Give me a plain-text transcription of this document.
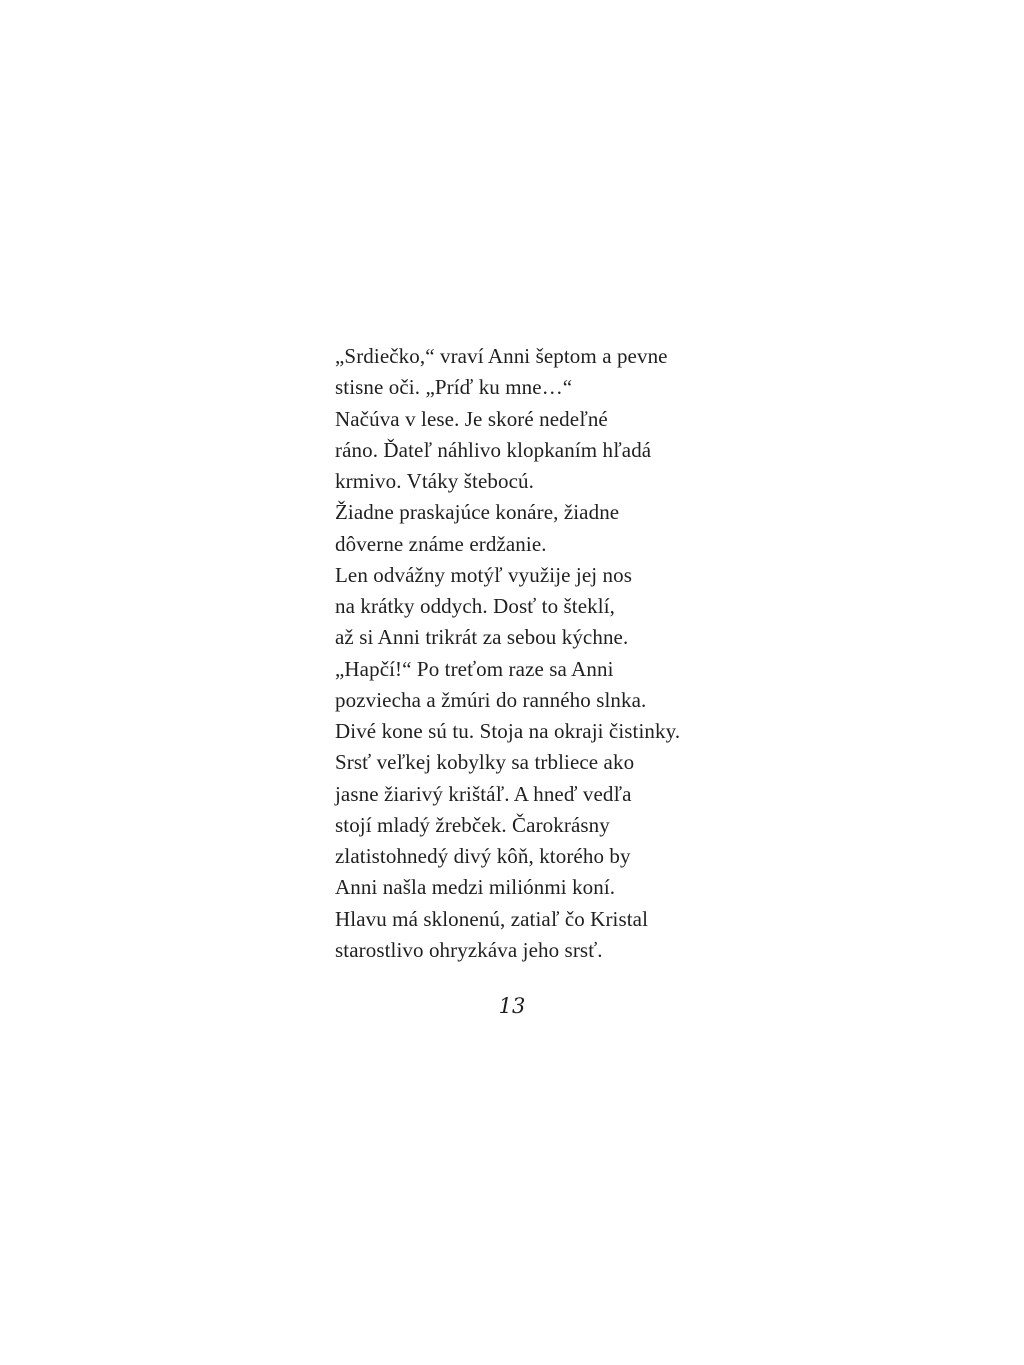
„Srdiečko,“ vraví Anni šeptom a pevne
stisne oči. „Príď ku mne…“
Načúva v lese. Je skoré nedeľné
ráno. Ďateľ náhlivo klopkaním hľadá
krmivo. Vtáky štebocú.
Žiadne praskajúce konáre, žiadne
dôverne známe erdžanie.
Len odvážny motýľ využije jej nos
na krátky oddych. Dosť to šteklí,
až si Anni trikrát za sebou kýchne.
„Hapčí!“ Po treťom raze sa Anni
pozviecha a žmúri do ranného slnka.
Divé kone sú tu. Stoja na okraji čistinky.
Srsť veľkej kobylky sa trbliece ako
jasne žiarivý krištáľ. A hneď vedľa
stojí mladý žrebček. Čarokrásny
zlatistohnedý divý kôň, ktorého by
Anni našla medzi miliónmi koní.
Hlavu má sklonenú, zatiaľ čo Kristal
starostlivo ohryzkáva jeho srsť.
13
